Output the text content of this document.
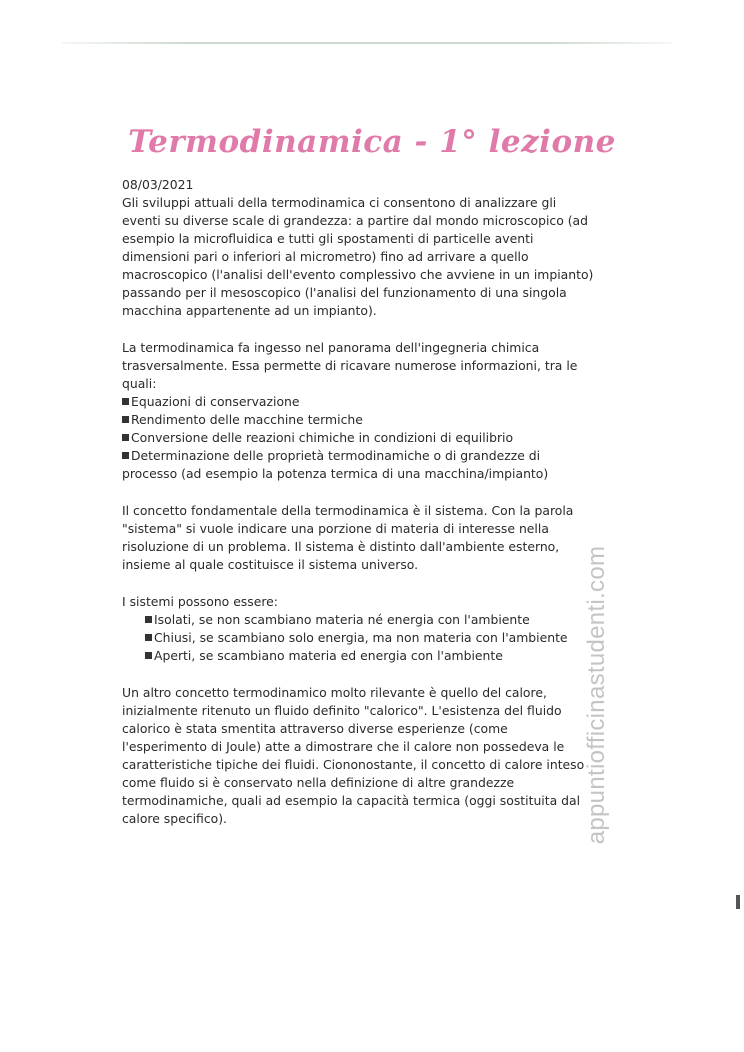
Termodinamica - 1° lezione

08/03/2021

Gli sviluppi attuali della termodinamica ci consentono di analizzare gli

eventi su diverse scale di grandezza: a partire dal mondo microscopico (ad

esempio la microfluidica e tutti gli spostamenti di particelle aventi

dimensioni pari o inferiori al micrometro) fino ad arrivare a quello

macroscopico (l'analisi dell'evento complessivo che avviene in un impianto)

passando per il mesoscopico (l'analisi del funzionamento di una singola

macchina appartenente ad un impianto).

La termodinamica fa ingesso nel panorama dell'ingegneria chimica

trasversalmente. Essa permette di ricavare numerose informazioni, tra le

quali:

Equazioni di conservazione

Rendimento delle macchine termiche

Conversione delle reazioni chimiche in condizioni di equilibrio

Determinazione delle proprietà termodinamiche o di grandezze di

processo (ad esempio la potenza termica di una macchina/impianto)

Il concetto fondamentale della termodinamica è il sistema. Con la parola

"sistema" si vuole indicare una porzione di materia di interesse nella

risoluzione di un problema. Il sistema è distinto dall'ambiente esterno,

insieme al quale costituisce il sistema universo.

I sistemi possono essere:

Isolati, se non scambiano materia né energia con l'ambiente

Chiusi, se scambiano solo energia, ma non materia con l'ambiente

Aperti, se scambiano materia ed energia con l'ambiente

Un altro concetto termodinamico molto rilevante è quello del calore,

inizialmente ritenuto un fluido definito "calorico". L'esistenza del fluido

calorico è stata smentita attraverso diverse esperienze (come

l'esperimento di Joule) atte a dimostrare che il calore non possedeva le

caratteristiche tipiche dei fluidi. Ciononostante, il concetto di calore inteso

come fluido si è conservato nella definizione di altre grandezze

termodinamiche, quali ad esempio la capacità termica (oggi sostituita dal

calore specifico).	appuntiofficinastudenti.com
